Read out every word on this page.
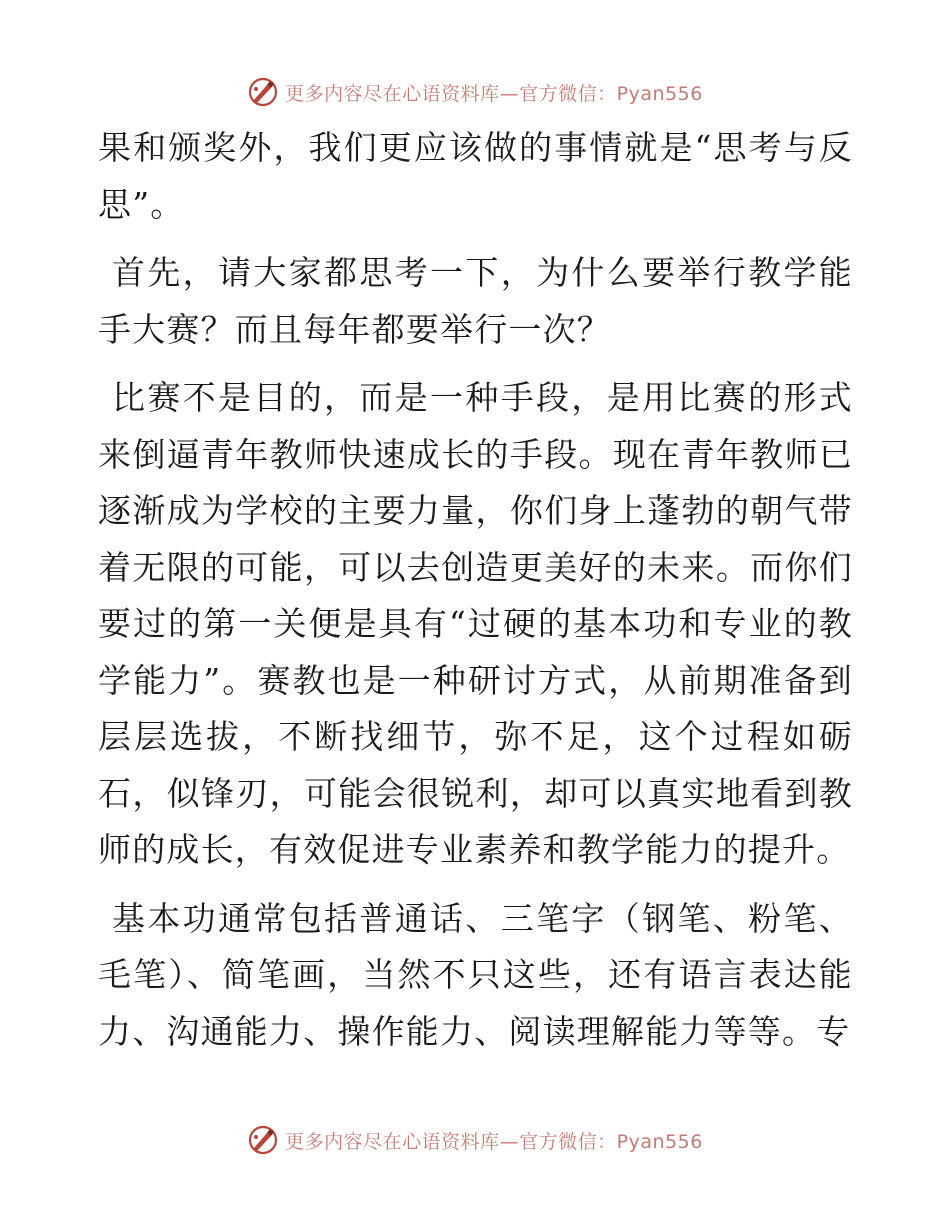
更多内容尽在心语资料库—官方微信：Pyan556

果和颁奖外，我们更应该做的事情就是“思考与反思”。

首先，请大家都思考一下，为什么要举行教学能手大赛？而且每年都要举行一次？

比赛不是目的，而是一种手段，是用比赛的形式来倒逼青年教师快速成长的手段。现在青年教师已逐渐成为学校的主要力量，你们身上蓬勃的朝气带着无限的可能，可以去创造更美好的未来。而你们要过的第一关便是具有“过硬的基本功和专业的教学能力”。赛教也是一种研讨方式，从前期准备到层层选拔，不断找细节，弥不足，这个过程如砺石，似锋刃，可能会很锐利，却可以真实地看到教师的成长，有效促进专业素养和教学能力的提升。

基本功通常包括普通话、三笔字（钢笔、粉笔、毛笔）、简笔画，当然不只这些，还有语言表达能力、沟通能力、操作能力、阅读理解能力等等。专

更多内容尽在心语资料库—官方微信：Pyan556
